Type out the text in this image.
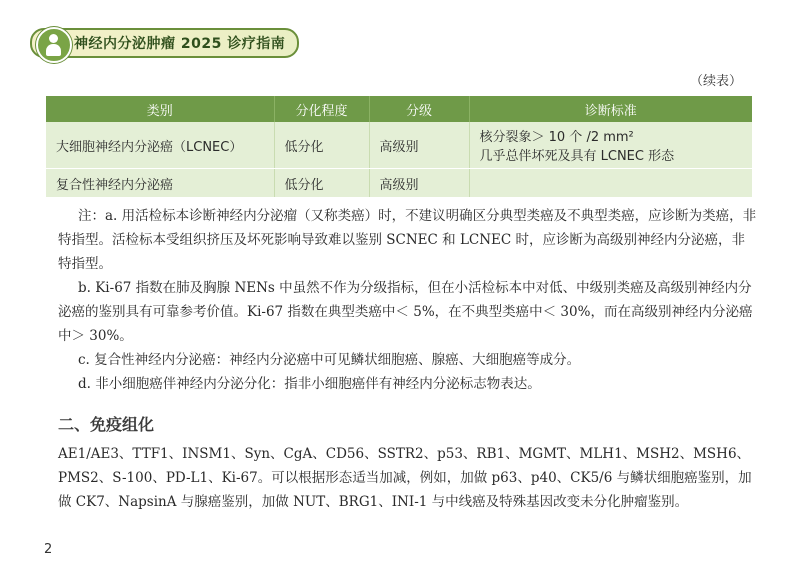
神经内分泌肿瘤 2025 诊疗指南
（续表）
类别	分化程度	分级	诊断标准
大细胞神经内分泌癌（LCNEC）	低分化	高级别	核分裂象＞ 10 个 /2 mm²
几乎总伴坏死及具有 LCNEC 形态

复合性神经内分泌癌	低分化	高级别	

注：a. 用活检标本诊断神经内分泌瘤（又称类癌）时，不建议明确区分典型类癌及不典型类癌，应诊断为类癌，非特指型。活检标本受组织挤压及坏死影响导致难以鉴别 SCNEC 和 LCNEC 时，应诊断为高级别神经内分泌癌，非特指型。

b. Ki-67 指数在肺及胸腺 NENs 中虽然不作为分级指标，但在小活检标本中对低、中级别类癌及高级别神经内分泌癌的鉴别具有可靠参考价值。Ki-67 指数在典型类癌中＜ 5%，在不典型类癌中＜ 30%，而在高级别神经内分泌癌中＞ 30%。

c. 复合性神经内分泌癌：神经内分泌癌中可见鳞状细胞癌、腺癌、大细胞癌等成分。

d. 非小细胞癌伴神经内分泌分化：指非小细胞癌伴有神经内分泌标志物表达。

二、免疫组化
AE1/AE3、TTF1、INSM1、Syn、CgA、CD56、SSTR2、p53、RB1、MGMT、MLH1、MSH2、MSH6、PMS2、S-100、PD-L1、Ki-67。可以根据形态适当加减，例如，加做 p63、p40、CK5/6 与鳞状细胞癌鉴别，加做 CK7、NapsinA 与腺癌鉴别，加做 NUT、BRG1、INI-1 与中线癌及特殊基因改变未分化肿瘤鉴别。
2
